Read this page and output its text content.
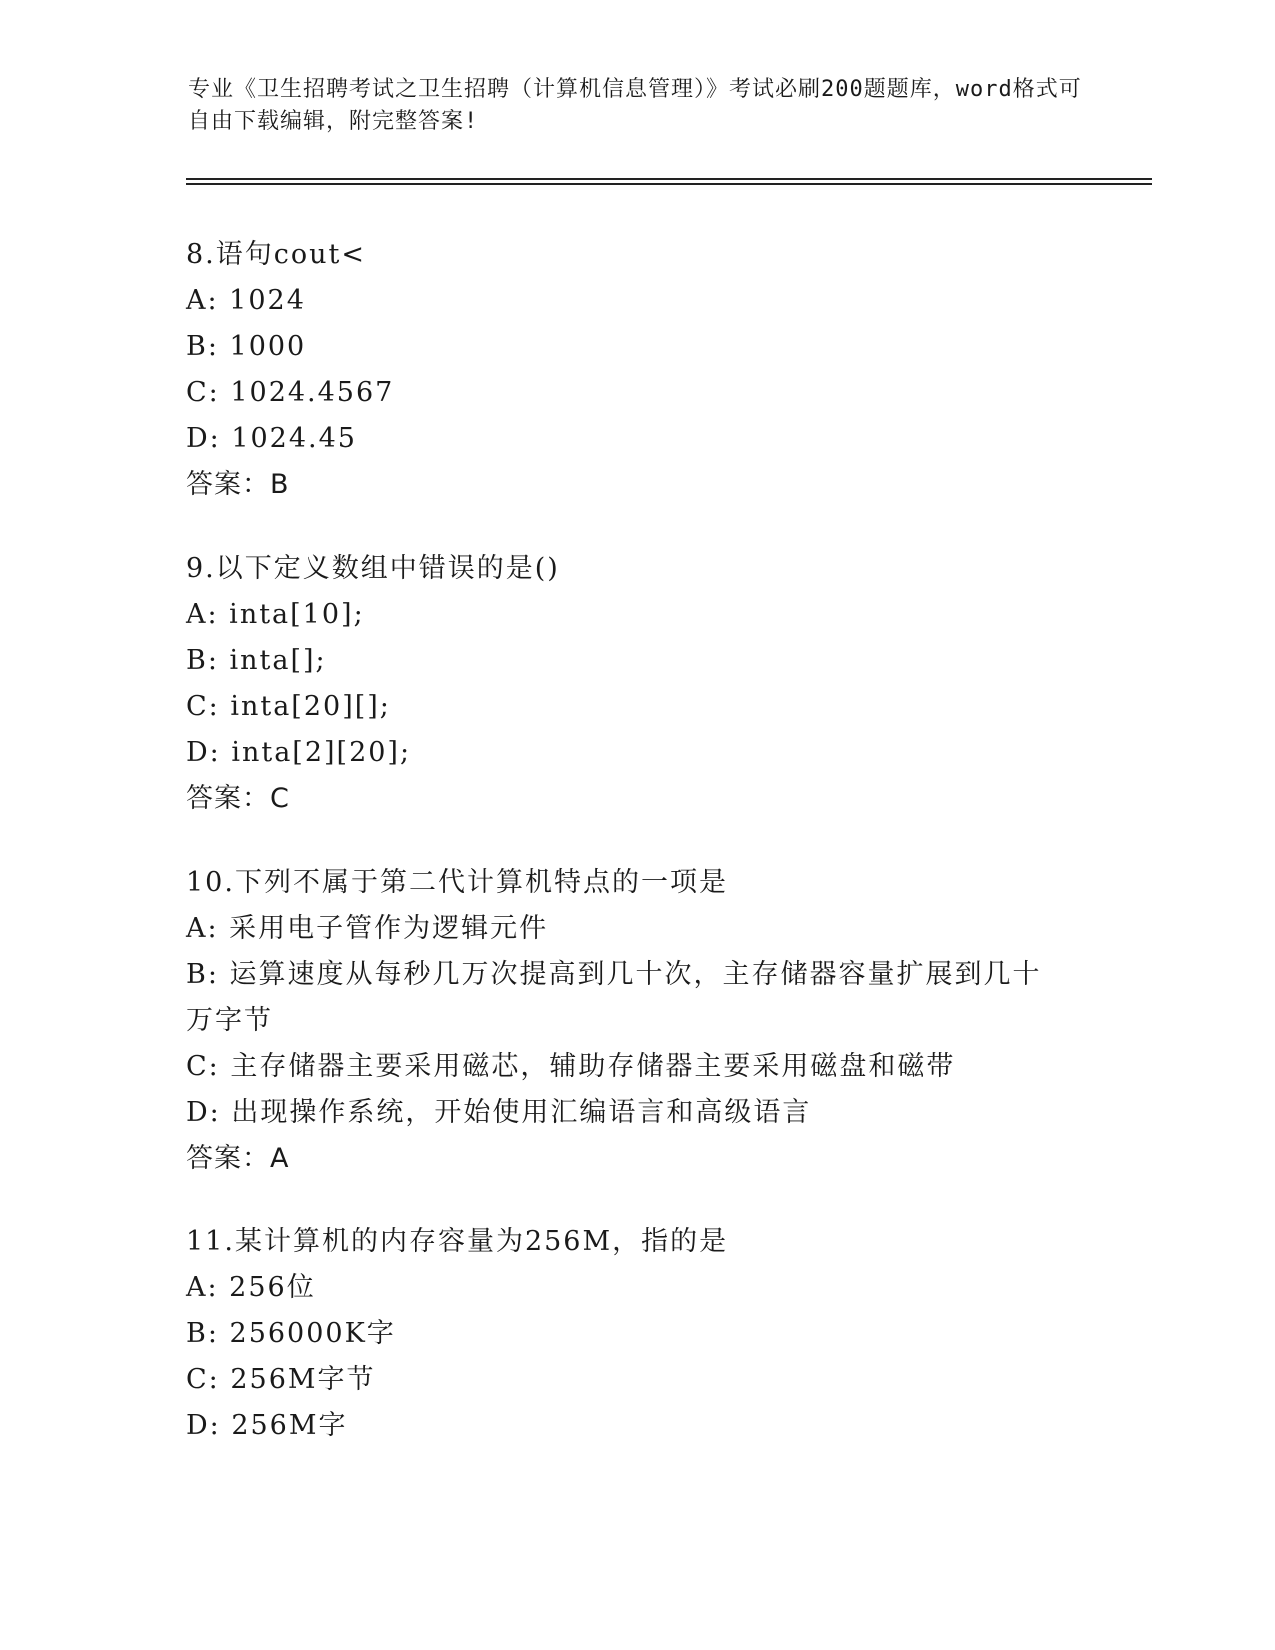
专业《卫生招聘考试之卫生招聘（计算机信息管理）》考试必刷200题题库，word格式可自由下载编辑，附完整答案!
8.语句cout<
A: 1024
B: 1000
C: 1024.4567
D: 1024.45
答案：B
9.以下定义数组中错误的是()
A: inta[10];
B: inta[];
C: inta[20][];
D: inta[2][20];
答案：C
10.下列不属于第二代计算机特点的一项是
A: 采用电子管作为逻辑元件
B: 运算速度从每秒几万次提高到几十次，主存储器容量扩展到几十万字节
C: 主存储器主要采用磁芯，辅助存储器主要采用磁盘和磁带
D: 出现操作系统，开始使用汇编语言和高级语言
答案：A
11.某计算机的内存容量为256M，指的是
A: 256位
B: 256000K字
C: 256M字节
D: 256M字
